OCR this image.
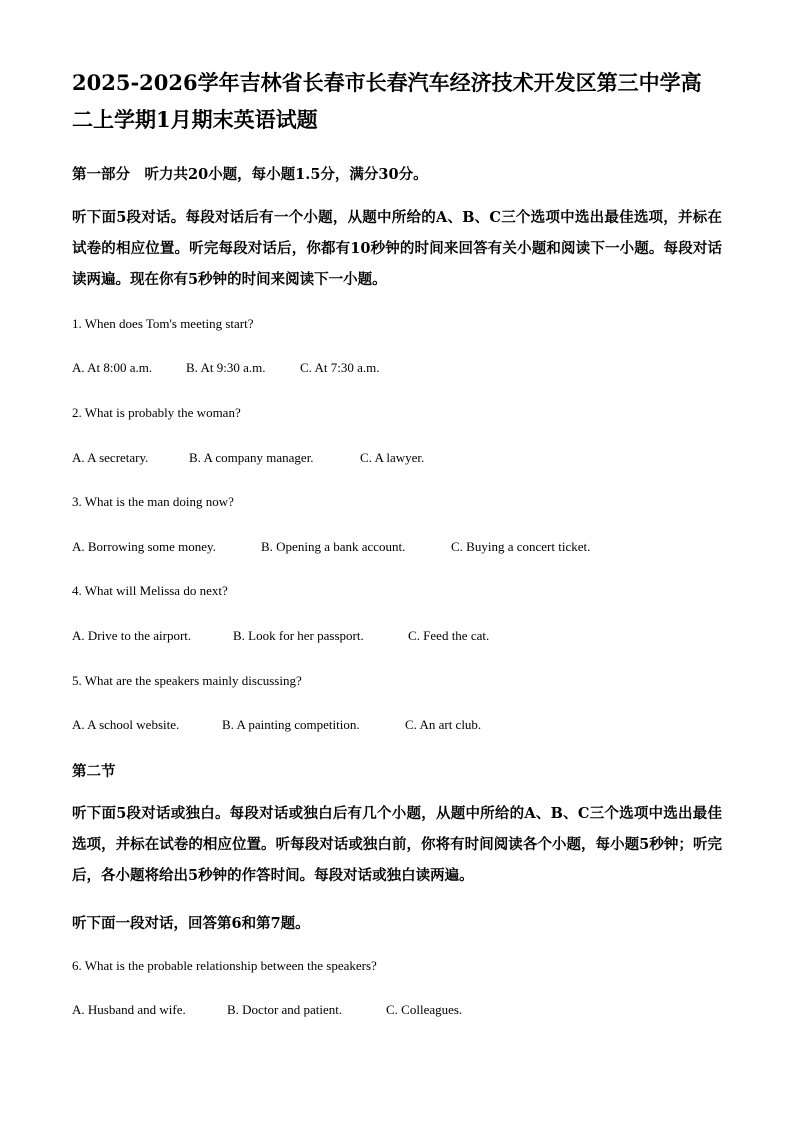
2025-2026学年吉林省长春市长春汽车经济技术开发区第三中学高二上学期1月期末英语试题
第一部分　听力共20小题，每小题1.5分，满分30分。
听下面5段对话。每段对话后有一个小题，从题中所给的A、B、C三个选项中选出最佳选项，并标在试卷的相应位置。听完每段对话后，你都有10秒钟的时间来回答有关小题和阅读下一小题。每段对话读两遍。现在你有5秒钟的时间来阅读下一小题。
1. When does Tom's meeting start?
A. At 8:00 a.m.	B. At 9:30 a.m.	C. At 7:30 a.m.
2. What is probably the woman?
A. A secretary.	B. A company manager.	C. A lawyer.
3. What is the man doing now?
A. Borrowing some money.	B. Opening a bank account.	C. Buying a concert ticket.
4. What will Melissa do next?
A. Drive to the airport.	B. Look for her passport.	C. Feed the cat.
5. What are the speakers mainly discussing?
A. A school website.	B. A painting competition.	C. An art club.
第二节
听下面5段对话或独白。每段对话或独白后有几个小题，从题中所给的A、B、C三个选项中选出最佳选项，并标在试卷的相应位置。听每段对话或独白前，你将有时间阅读各个小题，每小题5秒钟；听完后，各小题将给出5秒钟的作答时间。每段对话或独白读两遍。
听下面一段对话，回答第6和第7题。
6. What is the probable relationship between the speakers?
A. Husband and wife.	B. Doctor and patient.	C. Colleagues.
